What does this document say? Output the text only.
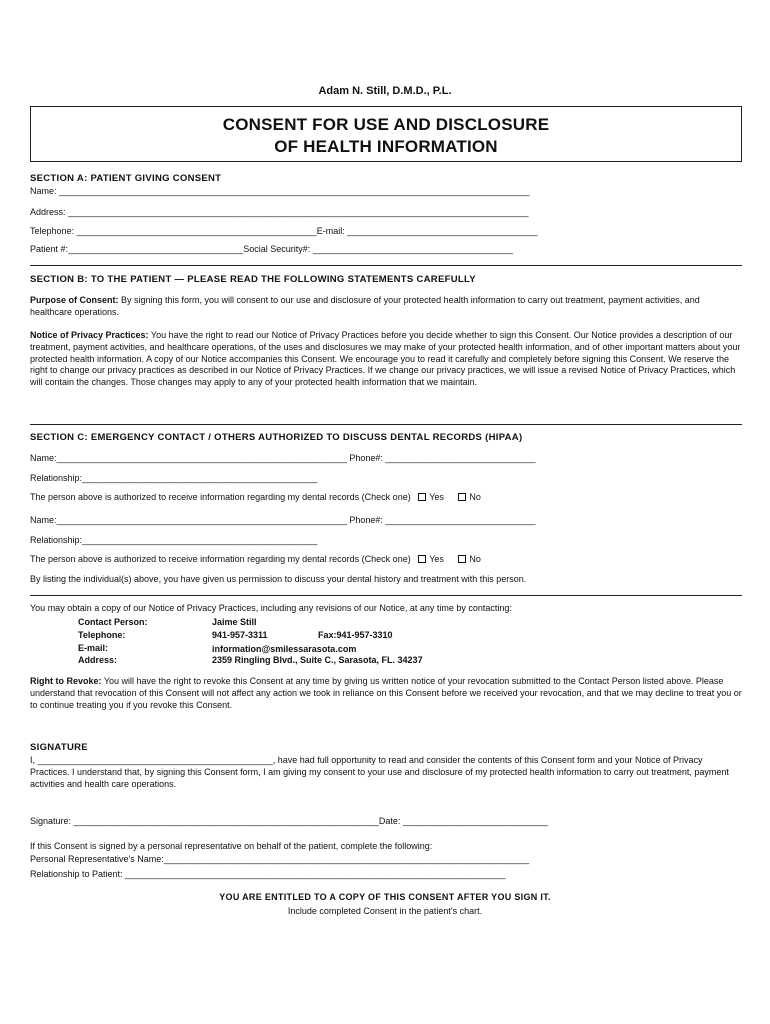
Adam N. Still, D.M.D., P.L.
CONSENT FOR USE AND DISCLOSURE
OF HEALTH INFORMATION
SECTION A: PATIENT GIVING CONSENT
Name: ______________________________________________________________________________________________
Address: ____________________________________________________________________________________________
Telephone: ________________________________________________E-mail: ______________________________________
Patient #:___________________________________Social Security#: ________________________________________
SECTION B: TO THE PATIENT — PLEASE READ THE FOLLOWING STATEMENTS CAREFULLY
Purpose of Consent: By signing this form, you will consent to our use and disclosure of your protected health information to carry out treatment, payment activities, and healthcare operations.
Notice of Privacy Practices: You have the right to read our Notice of Privacy Practices before you decide whether to sign this Consent. Our Notice provides a description of our treatment, payment activities, and healthcare operations, of the uses and disclosures we may make of your protected health information, and of other important matters about your protected health information. A copy of our Notice accompanies this Consent. We encourage you to read it carefully and completely before signing this Consent. We reserve the right to change our privacy practices as described in our Notice of Privacy Practices. If we change our privacy practices, we will issue a revised Notice of Privacy Practices, which will contain the changes. Those changes may apply to any of your protected health information that we maintain.
SECTION C: EMERGENCY CONTACT / OTHERS AUTHORIZED TO DISCUSS DENTAL RECORDS (HIPAA)
Name:__________________________________________________________ Phone#: ______________________________
Relationship:_______________________________________________
The person above is authorized to receive information regarding my dental records (Check one) Yes	No
Name:__________________________________________________________ Phone#: ______________________________
Relationship:_______________________________________________
The person above is authorized to receive information regarding my dental records (Check one) Yes	No
By listing the individual(s) above, you have given us permission to discuss your dental history and treatment with this person.
You may obtain a copy of our Notice of Privacy Practices, including any revisions of our Notice, at any time by contacting:
Contact Person:	Jaime Still
Telephone:	941-957-3311	Fax:941-957-3310
E-mail:	information@smilessarasota.com
Address:	2359 Ringling Blvd., Suite C., Sarasota, FL. 34237
Right to Revoke: You will have the right to revoke this Consent at any time by giving us written notice of your revocation submitted to the Contact Person listed above. Please understand that revocation of this Consent will not affect any action we took in reliance on this Consent before we received your revocation, and that we may decline to treat you or to continue treating you if you revoke this Consent.
SIGNATURE
I, _______________________________________________, have had full opportunity to read and consider the contents of this Consent form and your Notice of Privacy Practices. I understand that, by signing this Consent form, I am giving my consent to your use and disclosure of my protected health information to carry out treatment, payment activities and health care operations.
Signature: _____________________________________________________________Date: _____________________________
If this Consent is signed by a personal representative on behalf of the patient, complete the following:
Personal Representative's Name:_________________________________________________________________________
Relationship to Patient: ____________________________________________________________________________
YOU ARE ENTITLED TO A COPY OF THIS CONSENT AFTER YOU SIGN IT.
Include completed Consent in the patient's chart.
